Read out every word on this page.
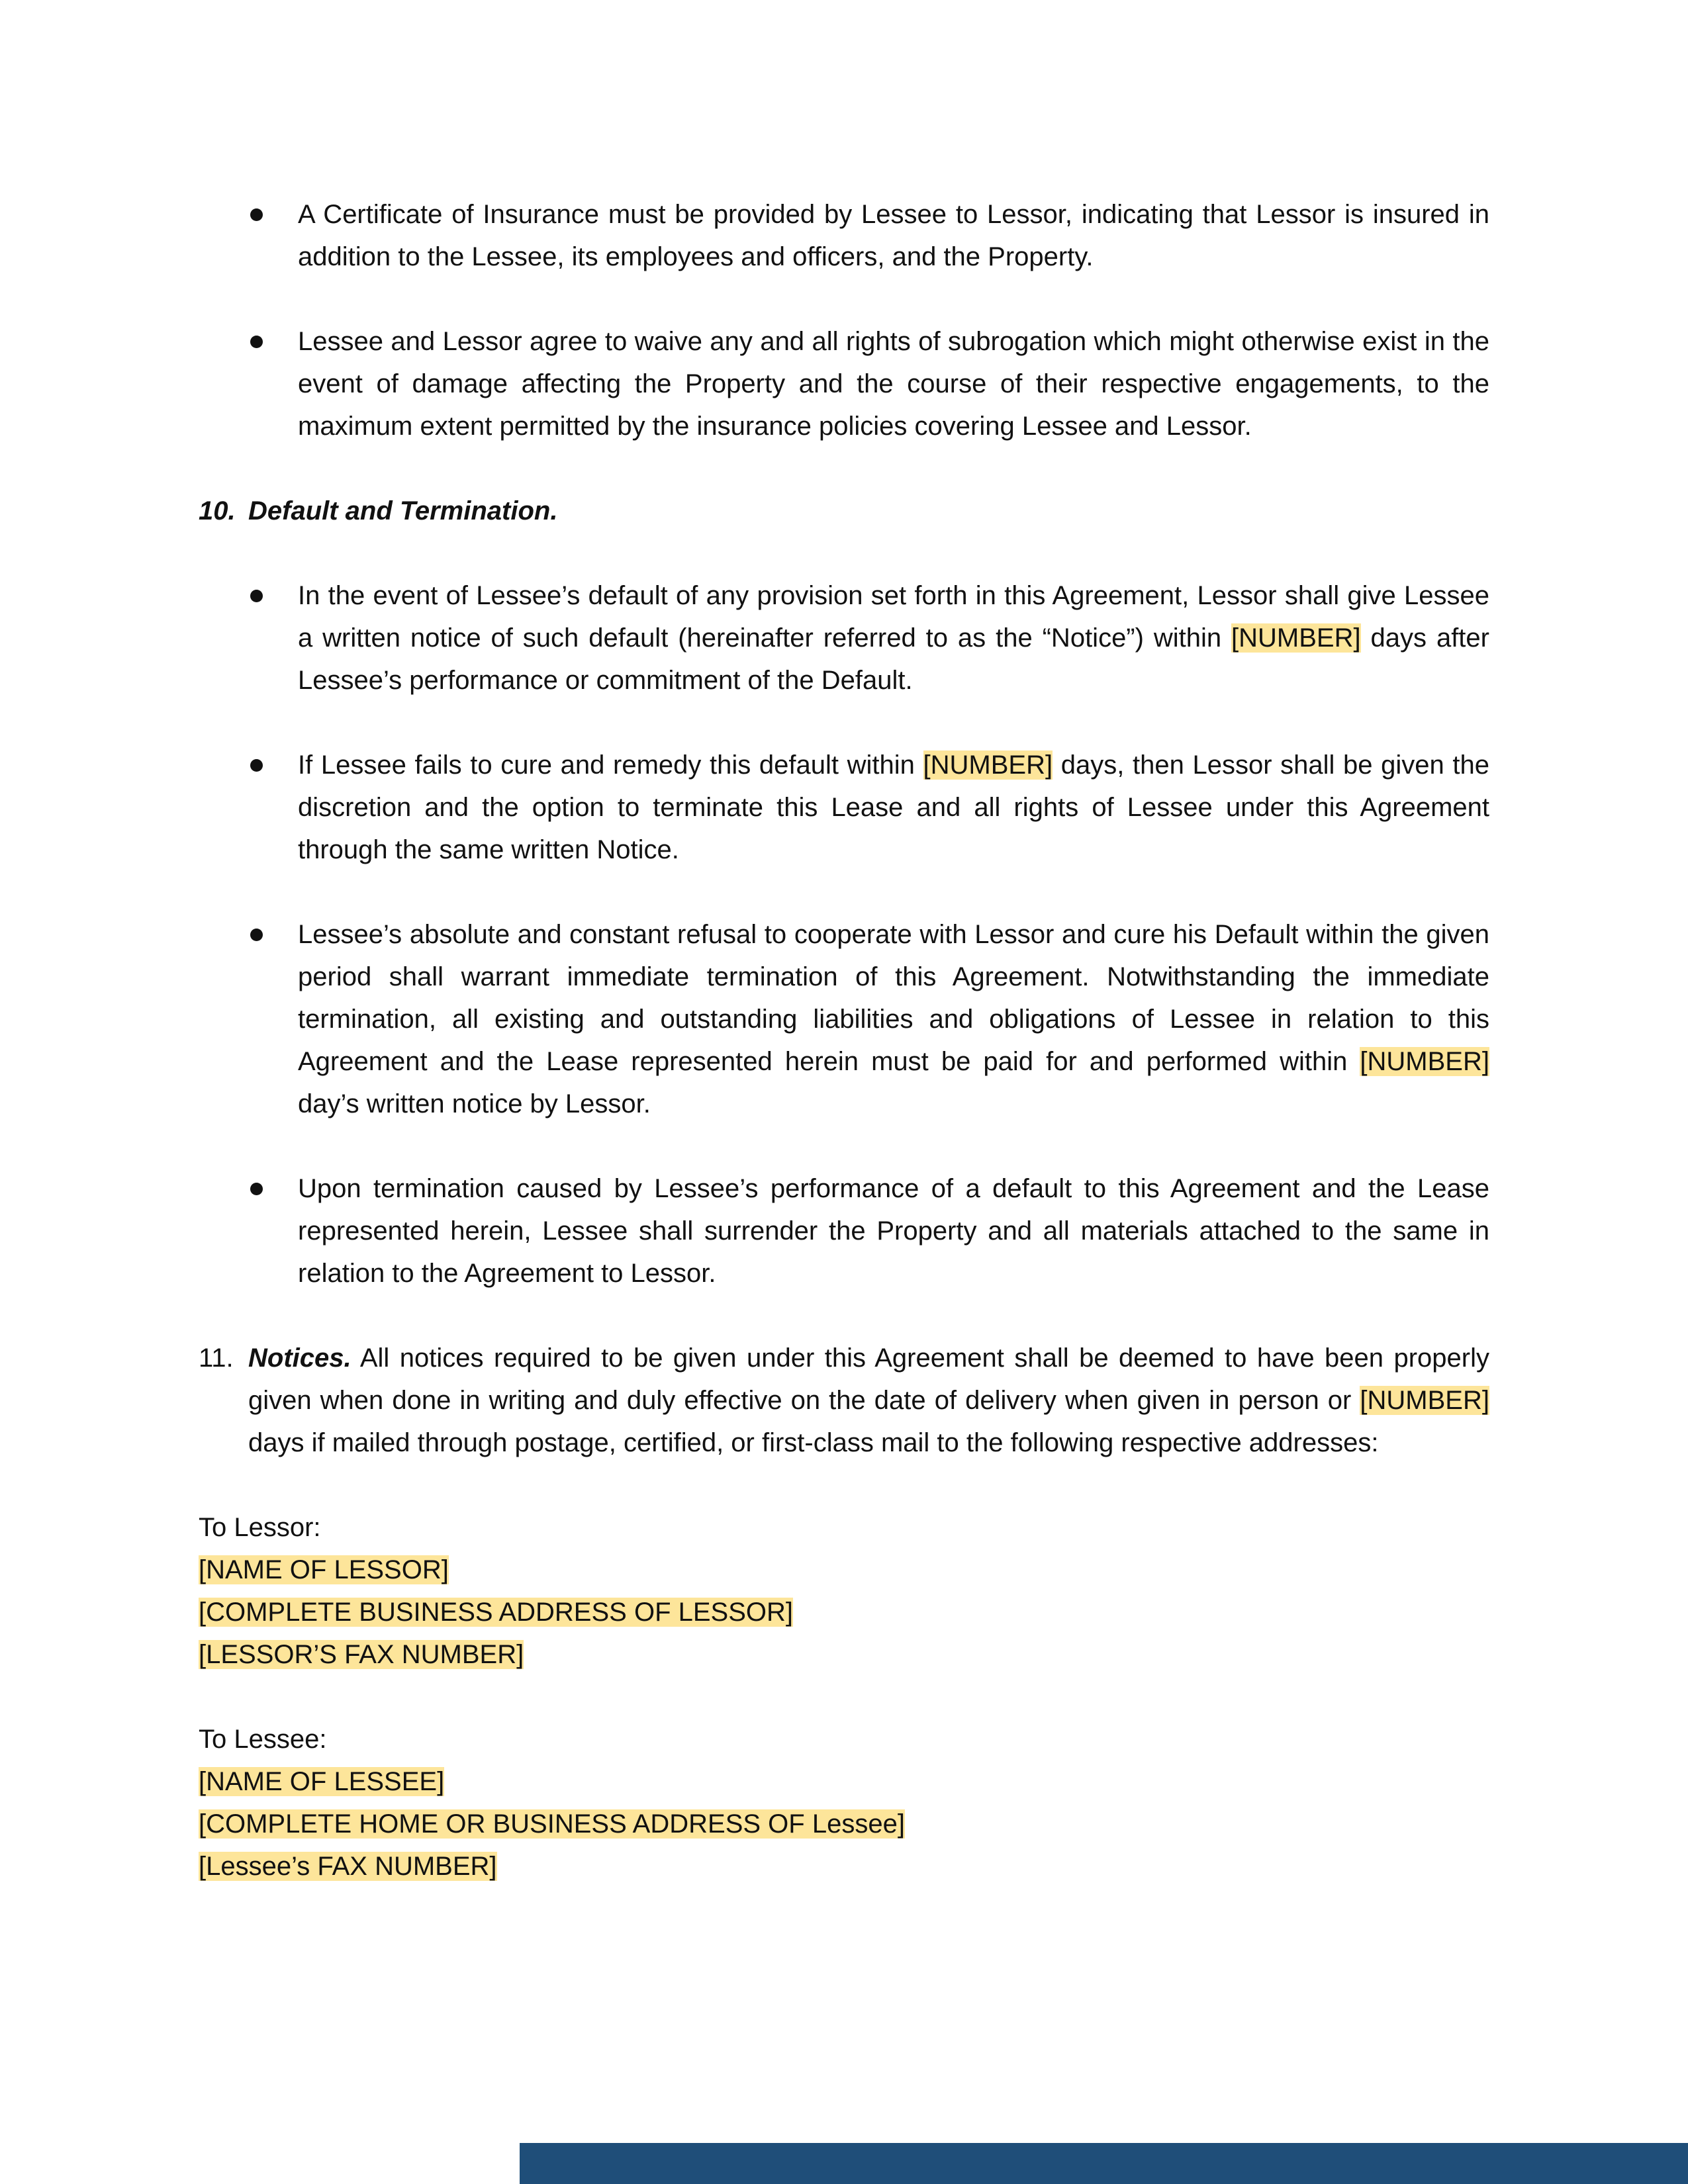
A Certificate of Insurance must be provided by Lessee to Lessor, indicating that Lessor is insured in addition to the Lessee, its employees and officers, and the Property.
Lessee and Lessor agree to waive any and all rights of subrogation which might otherwise exist in the event of damage affecting the Property and the course of their respective engagements, to the maximum extent permitted by the insurance policies covering Lessee and Lessor.
10. Default and Termination.
In the event of Lessee’s default of any provision set forth in this Agreement, Lessor shall give Lessee a written notice of such default (hereinafter referred to as the “Notice”) within [NUMBER] days after Lessee’s performance or commitment of the Default.
If Lessee fails to cure and remedy this default within [NUMBER] days, then Lessor shall be given the discretion and the option to terminate this Lease and all rights of Lessee under this Agreement through the same written Notice.
Lessee’s absolute and constant refusal to cooperate with Lessor and cure his Default within the given period shall warrant immediate termination of this Agreement. Notwithstanding the immediate termination, all existing and outstanding liabilities and obligations of Lessee in relation to this Agreement and the Lease represented herein must be paid for and performed within [NUMBER] day’s written notice by Lessor.
Upon termination caused by Lessee’s performance of a default to this Agreement and the Lease represented herein, Lessee shall surrender the Property and all materials attached to the same in relation to the Agreement to Lessor.
11. Notices. All notices required to be given under this Agreement shall be deemed to have been properly given when done in writing and duly effective on the date of delivery when given in person or [NUMBER] days if mailed through postage, certified, or first-class mail to the following respective addresses:
To Lessor:
[NAME OF LESSOR]
[COMPLETE BUSINESS ADDRESS OF LESSOR]
[LESSOR’S FAX NUMBER]
To Lessee:
[NAME OF LESSEE]
[COMPLETE HOME OR BUSINESS ADDRESS OF Lessee]
[Lessee’s FAX NUMBER]
